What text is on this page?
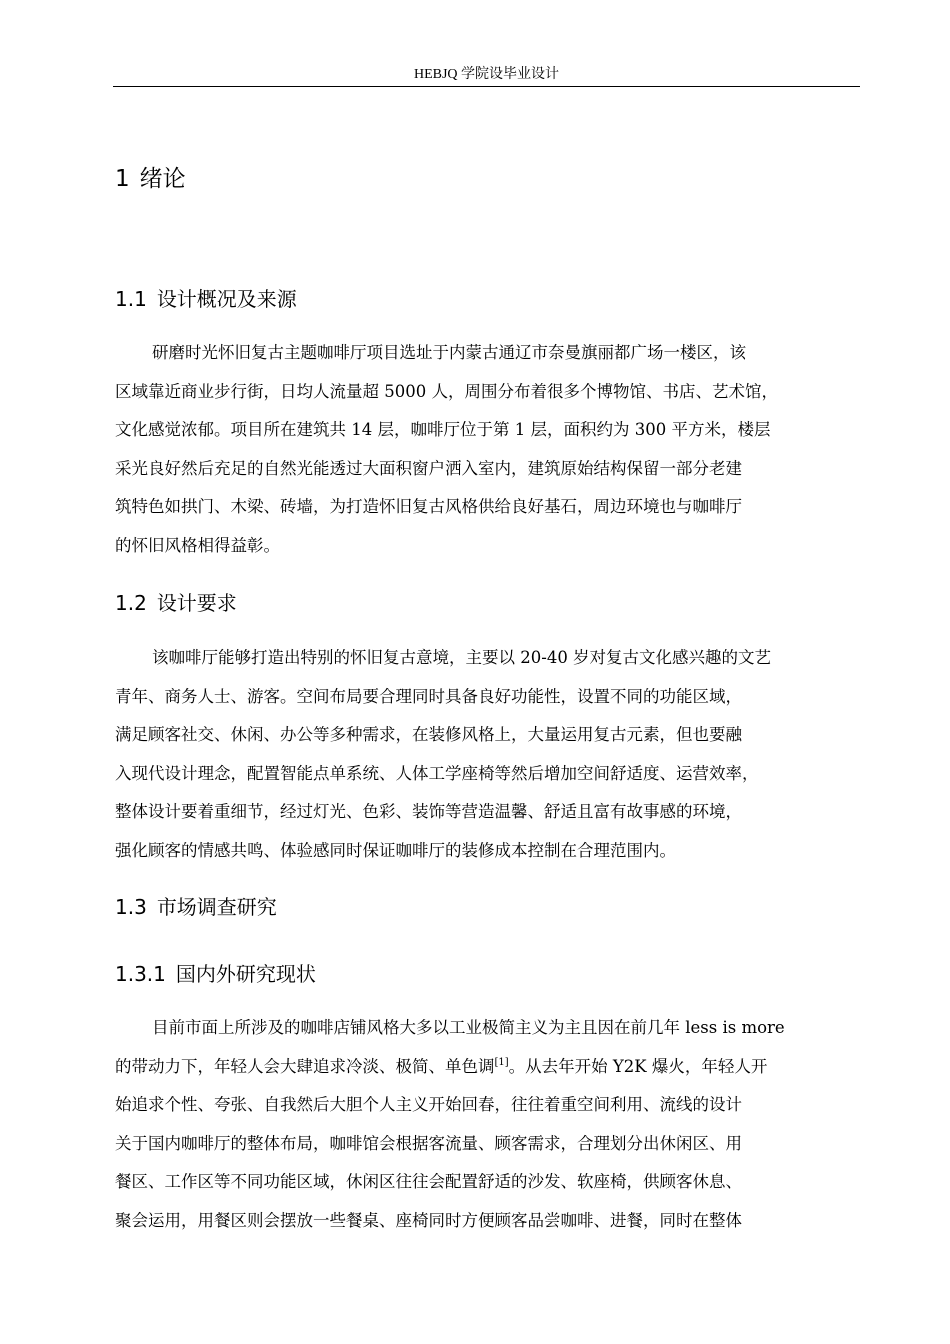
HEBJQ 学院设毕业设计
1 绪论
1.1 设计概况及来源
研磨时光怀旧复古主题咖啡厅项目选址于内蒙古通辽市奈曼旗丽都广场一楼区，该
区域靠近商业步行街，日均人流量超 5000 人，周围分布着很多个博物馆、书店、艺术馆，
文化感觉浓郁。项目所在建筑共 14 层，咖啡厅位于第 1 层，面积约为 300 平方米，楼层
采光良好然后充足的自然光能透过大面积窗户洒入室内，建筑原始结构保留一部分老建
筑特色如拱门、木梁、砖墙，为打造怀旧复古风格供给良好基石，周边环境也与咖啡厅
的怀旧风格相得益彰。
1.2 设计要求
该咖啡厅能够打造出特别的怀旧复古意境，主要以 20-40 岁对复古文化感兴趣的文艺
青年、商务人士、游客。空间布局要合理同时具备良好功能性，设置不同的功能区域，
满足顾客社交、休闲、办公等多种需求，在装修风格上，大量运用复古元素，但也要融
入现代设计理念，配置智能点单系统、人体工学座椅等然后增加空间舒适度、运营效率，
整体设计要着重细节，经过灯光、色彩、装饰等营造温馨、舒适且富有故事感的环境，
强化顾客的情感共鸣、体验感同时保证咖啡厅的装修成本控制在合理范围内。
1.3 市场调查研究
1.3.1 国内外研究现状
目前市面上所涉及的咖啡店铺风格大多以工业极简主义为主且因在前几年 less is more
的带动力下，年轻人会大肆追求冷淡、极简、单色调[1]。从去年开始 Y2K 爆火，年轻人开
始追求个性、夸张、自我然后大胆个人主义开始回春，往往着重空间利用、流线的设计
关于国内咖啡厅的整体布局，咖啡馆会根据客流量、顾客需求，合理划分出休闲区、用
餐区、工作区等不同功能区域，休闲区往往会配置舒适的沙发、软座椅，供顾客休息、
聚会运用，用餐区则会摆放一些餐桌、座椅同时方便顾客品尝咖啡、进餐，同时在整体
